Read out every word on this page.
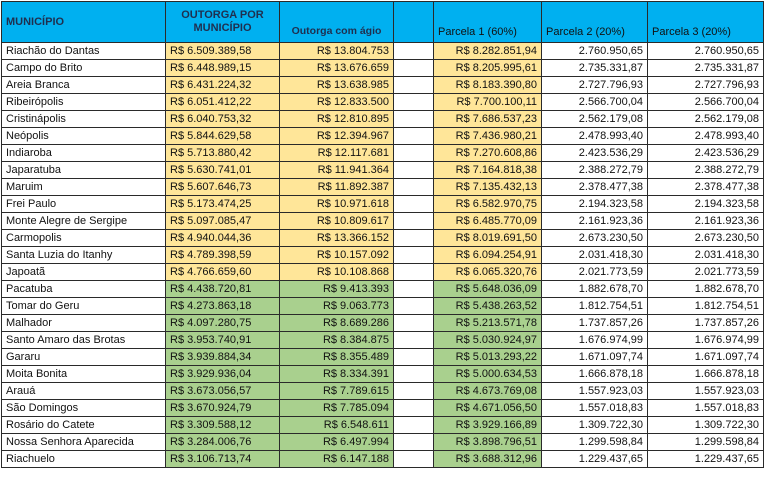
MUNICÍPIO	OUTORGA POR
MUNICÍPIO	Outorga com ágio		Parcela 1 (60%)	Parcela 2 (20%)	Parcela 3 (20%)
Riachão do Dantas	R$ 6.509.389,58	R$ 13.804.753		R$ 8.282.851,94	2.760.950,65	2.760.950,65
Campo do Brito	R$ 6.448.989,15	R$ 13.676.659		R$ 8.205.995,61	2.735.331,87	2.735.331,87
Areia Branca	R$ 6.431.224,32	R$ 13.638.985		R$ 8.183.390,80	2.727.796,93	2.727.796,93
Ribeirópolis	R$ 6.051.412,22	R$ 12.833.500		R$ 7.700.100,11	2.566.700,04	2.566.700,04
Cristinápolis	R$ 6.040.753,32	R$ 12.810.895		R$ 7.686.537,23	2.562.179,08	2.562.179,08
Neópolis	R$ 5.844.629,58	R$ 12.394.967		R$ 7.436.980,21	2.478.993,40	2.478.993,40
Indiaroba	R$ 5.713.880,42	R$ 12.117.681		R$ 7.270.608,86	2.423.536,29	2.423.536,29
Japaratuba	R$ 5.630.741,01	R$ 11.941.364		R$ 7.164.818,38	2.388.272,79	2.388.272,79
Maruim	R$ 5.607.646,73	R$ 11.892.387		R$ 7.135.432,13	2.378.477,38	2.378.477,38
Frei Paulo	R$ 5.173.474,25	R$ 10.971.618		R$ 6.582.970,75	2.194.323,58	2.194.323,58
Monte Alegre de Sergipe	R$ 5.097.085,47	R$ 10.809.617		R$ 6.485.770,09	2.161.923,36	2.161.923,36
Carmopolis	R$ 4.940.044,36	R$ 13.366.152		R$ 8.019.691,50	2.673.230,50	2.673.230,50
Santa Luzia do Itanhy	R$ 4.789.398,59	R$ 10.157.092		R$ 6.094.254,91	2.031.418,30	2.031.418,30
Japoatã	R$ 4.766.659,60	R$ 10.108.868		R$ 6.065.320,76	2.021.773,59	2.021.773,59
Pacatuba	R$ 4.438.720,81	R$ 9.413.393		R$ 5.648.036,09	1.882.678,70	1.882.678,70
Tomar do Geru	R$ 4.273.863,18	R$ 9.063.773		R$ 5.438.263,52	1.812.754,51	1.812.754,51
Malhador	R$ 4.097.280,75	R$ 8.689.286		R$ 5.213.571,78	1.737.857,26	1.737.857,26
Santo Amaro das Brotas	R$ 3.953.740,91	R$ 8.384.875		R$ 5.030.924,97	1.676.974,99	1.676.974,99
Gararu	R$ 3.939.884,34	R$ 8.355.489		R$ 5.013.293,22	1.671.097,74	1.671.097,74
Moita Bonita	R$ 3.929.936,04	R$ 8.334.391		R$ 5.000.634,53	1.666.878,18	1.666.878,18
Arauá	R$ 3.673.056,57	R$ 7.789.615		R$ 4.673.769,08	1.557.923,03	1.557.923,03
São Domingos	R$ 3.670.924,79	R$ 7.785.094		R$ 4.671.056,50	1.557.018,83	1.557.018,83
Rosário do Catete	R$ 3.309.588,12	R$ 6.548.611		R$ 3.929.166,89	1.309.722,30	1.309.722,30
Nossa Senhora Aparecida	R$ 3.284.006,76	R$ 6.497.994		R$ 3.898.796,51	1.299.598,84	1.299.598,84
Riachuelo	R$ 3.106.713,74	R$ 6.147.188		R$ 3.688.312,96	1.229.437,65	1.229.437,65
